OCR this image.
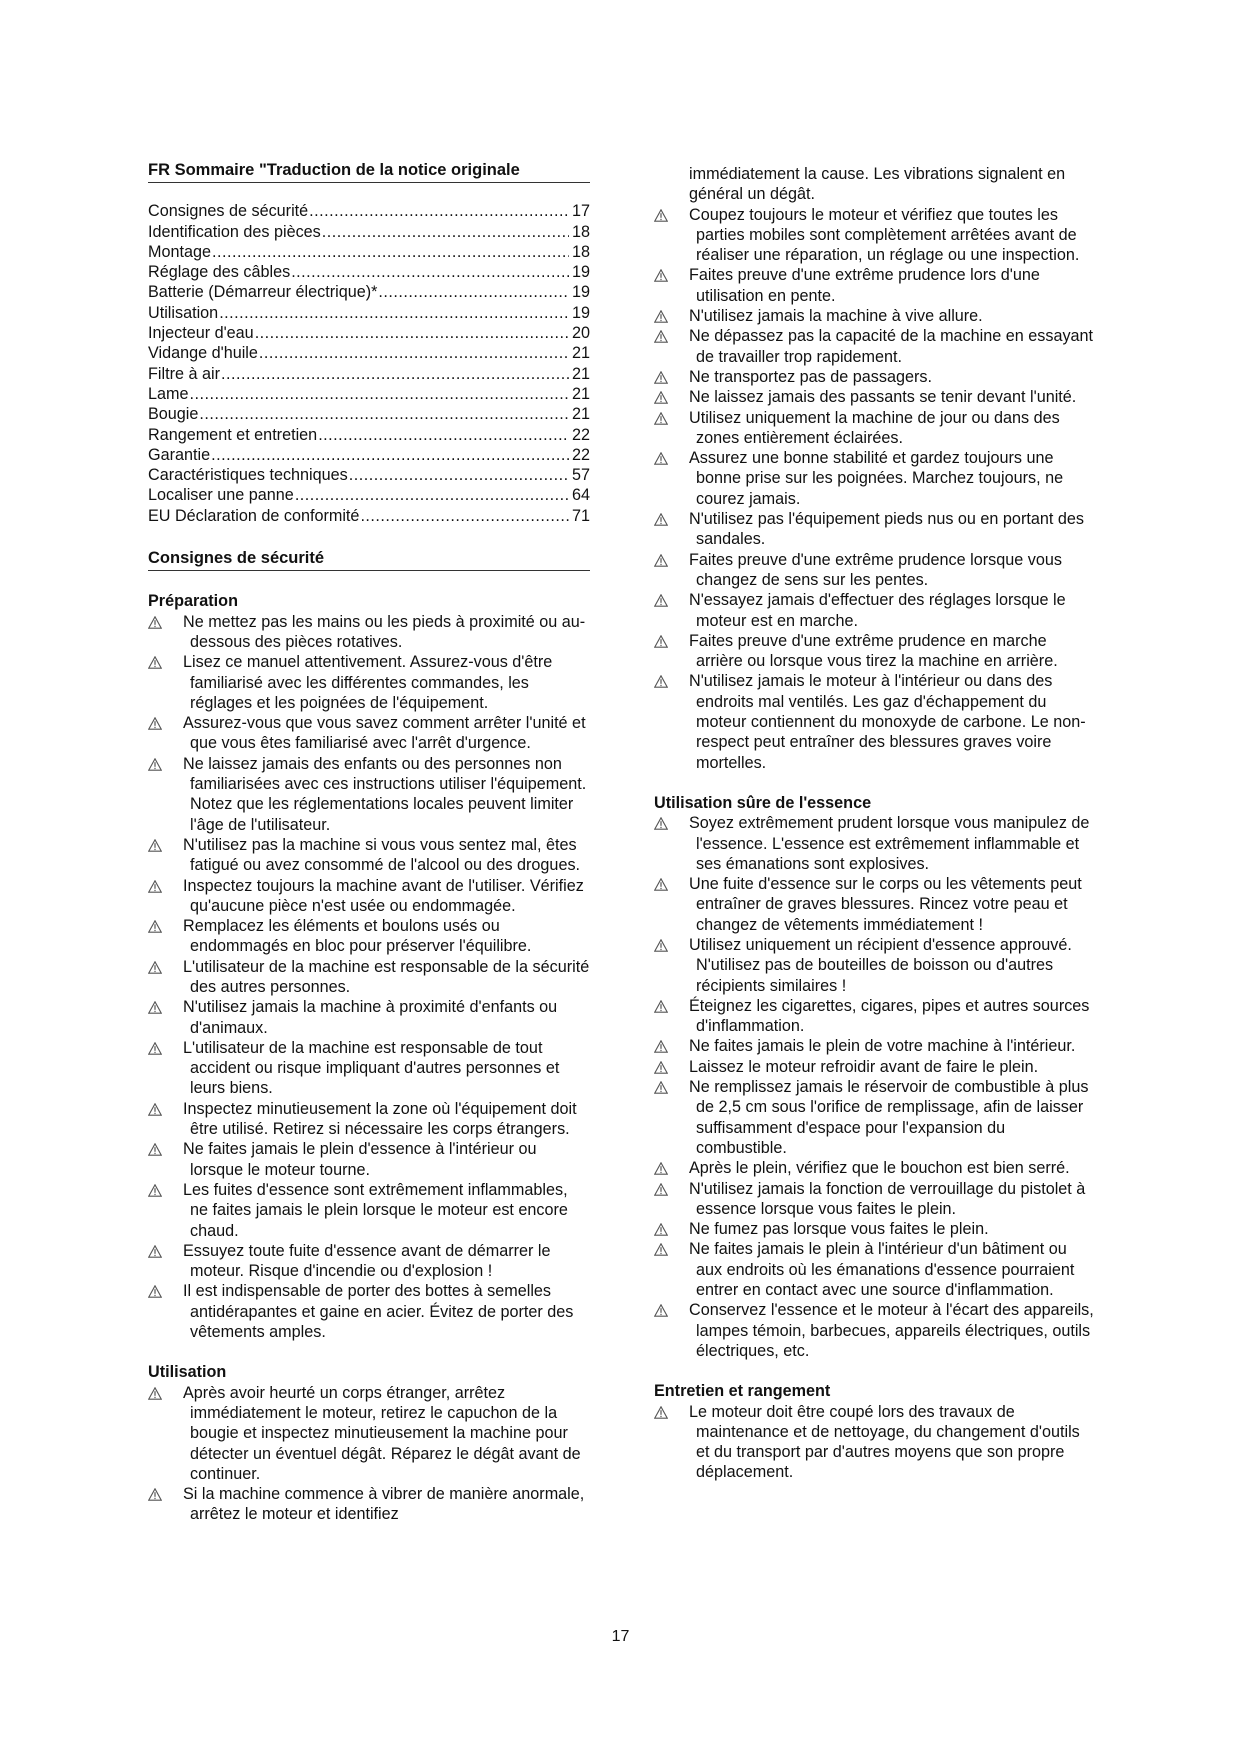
FR Sommaire "Traduction de la notice originale
Consignes de sécurité .....	17
Identification des pièces .....	18
Montage .....	18
Réglage des câbles .....	19
Batterie (Démarreur électrique)* .....	19
Utilisation .....	19
Injecteur d'eau .....	20
Vidange d'huile .....	21
Filtre à air .....	21
Lame .....	21
Bougie .....	21
Rangement et entretien .....	22
Garantie .....	22
Caractéristiques techniques .....	57
Localiser une panne .....	64
EU Déclaration de conformité .....	71
Consignes de sécurité
Préparation
Ne mettez pas les mains ou les pieds à proximité ou au-dessous des pièces rotatives.
Lisez ce manuel attentivement. Assurez-vous d'être familiarisé avec les différentes commandes, les réglages et les poignées de l'équipement.
Assurez-vous que vous savez comment arrêter l'unité et que vous êtes familiarisé avec l'arrêt d'urgence.
Ne laissez jamais des enfants ou des personnes non familiarisées avec ces instructions utiliser l'équipement. Notez que les réglementations locales peuvent limiter l'âge de l'utilisateur.
N'utilisez pas la machine si vous vous sentez mal, êtes fatigué ou avez consommé de l'alcool ou des drogues.
Inspectez toujours la machine avant de l'utiliser. Vérifiez qu'aucune pièce n'est usée ou endommagée.
Remplacez les éléments et boulons usés ou endommagés en bloc pour préserver l'équilibre.
L'utilisateur de la machine est responsable de la sécurité des autres personnes.
N'utilisez jamais la machine à proximité d'enfants ou d'animaux.
L'utilisateur de la machine est responsable de tout accident ou risque impliquant d'autres personnes et leurs biens.
Inspectez minutieusement la zone où l'équipement doit être utilisé. Retirez si nécessaire les corps étrangers.
Ne faites jamais le plein d'essence à l'intérieur ou lorsque le moteur tourne.
Les fuites d'essence sont extrêmement inflammables, ne faites jamais le plein lorsque le moteur est encore chaud.
Essuyez toute fuite d'essence avant de démarrer le moteur. Risque d'incendie ou d'explosion !
Il est indispensable de porter des bottes à semelles antidérapantes et gaine en acier. Évitez de porter des vêtements amples.
Utilisation
Après avoir heurté un corps étranger, arrêtez immédiatement le moteur, retirez le capuchon de la bougie et inspectez minutieusement la machine pour détecter un éventuel dégât. Réparez le dégât avant de continuer.
Si la machine commence à vibrer de manière anormale, arrêtez le moteur et identifiez
immédiatement la cause. Les vibrations signalent en général un dégât.
Coupez toujours le moteur et vérifiez que toutes les parties mobiles sont complètement arrêtées avant de réaliser une réparation, un réglage ou une inspection.
Faites preuve d'une extrême prudence lors d'une utilisation en pente.
N'utilisez jamais la machine à vive allure.
Ne dépassez pas la capacité de la machine en essayant de travailler trop rapidement.
Ne transportez pas de passagers.
Ne laissez jamais des passants se tenir devant l'unité.
Utilisez uniquement la machine de jour ou dans des zones entièrement éclairées.
Assurez une bonne stabilité et gardez toujours une bonne prise sur les poignées. Marchez toujours, ne courez jamais.
N'utilisez pas l'équipement pieds nus ou en portant des sandales.
Faites preuve d'une extrême prudence lorsque vous changez de sens sur les pentes.
N'essayez jamais d'effectuer des réglages lorsque le moteur est en marche.
Faites preuve d'une extrême prudence en marche arrière ou lorsque vous tirez la machine en arrière.
N'utilisez jamais le moteur à l'intérieur ou dans des endroits mal ventilés. Les gaz d'échappement du moteur contiennent du monoxyde de carbone. Le non-respect peut entraîner des blessures graves voire mortelles.
Utilisation sûre de l'essence
Soyez extrêmement prudent lorsque vous manipulez de l'essence. L'essence est extrêmement inflammable et ses émanations sont explosives.
Une fuite d'essence sur le corps ou les vêtements peut entraîner de graves blessures. Rincez votre peau et changez de vêtements immédiatement !
Utilisez uniquement un récipient d'essence approuvé. N'utilisez pas de bouteilles de boisson ou d'autres récipients similaires !
Éteignez les cigarettes, cigares, pipes et autres sources d'inflammation.
Ne faites jamais le plein de votre machine à l'intérieur.
Laissez le moteur refroidir avant de faire le plein.
Ne remplissez jamais le réservoir de combustible à plus de 2,5 cm sous l'orifice de remplissage, afin de laisser suffisamment d'espace pour l'expansion du combustible.
Après le plein, vérifiez que le bouchon est bien serré.
N'utilisez jamais la fonction de verrouillage du pistolet à essence lorsque vous faites le plein.
Ne fumez pas lorsque vous faites le plein.
Ne faites jamais le plein à l'intérieur d'un bâtiment ou aux endroits où les émanations d'essence pourraient entrer en contact avec une source d'inflammation.
Conservez l'essence et le moteur à l'écart des appareils, lampes témoin, barbecues, appareils électriques, outils électriques, etc.
Entretien et rangement
Le moteur doit être coupé lors des travaux de maintenance et de nettoyage, du changement d'outils et du transport par d'autres moyens que son propre déplacement.
17
